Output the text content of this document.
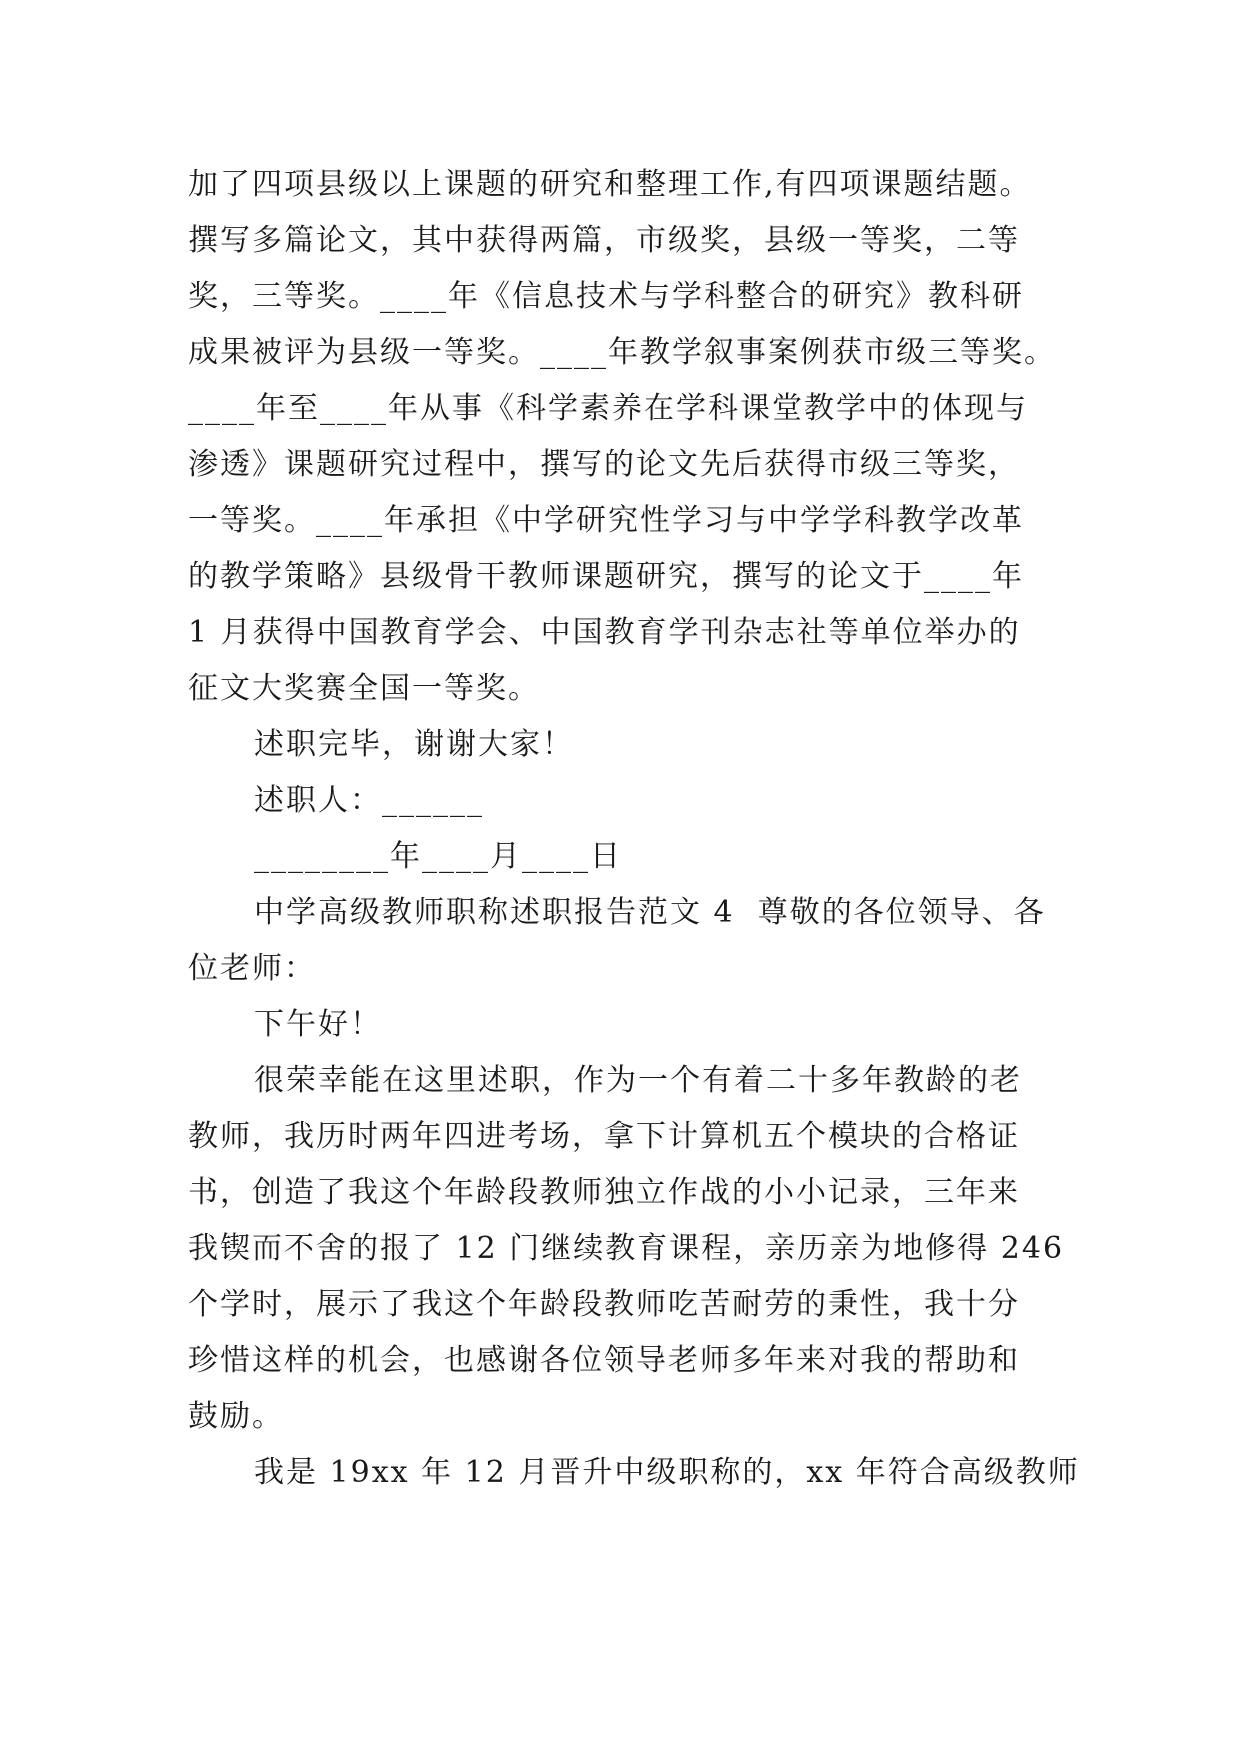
加了四项县级以上课题的研究和整理工作,有四项课题结题。
撰写多篇论文，其中获得两篇，市级奖，县级一等奖，二等
奖，三等奖。____年《信息技术与学科整合的研究》教科研
成果被评为县级一等奖。____年教学叙事案例获市级三等奖。
____年至____年从事《科学素养在学科课堂教学中的体现与
渗透》课题研究过程中，撰写的论文先后获得市级三等奖，
一等奖。____年承担《中学研究性学习与中学学科教学改革
的教学策略》县级骨干教师课题研究，撰写的论文于____年
1 月获得中国教育学会、中国教育学刊杂志社等单位举办的
征文大奖赛全国一等奖。
述职完毕，谢谢大家！
述职人：______
________年____月____日
中学高级教师职称述职报告范文 4  尊敬的各位领导、各
位老师：
下午好！
很荣幸能在这里述职，作为一个有着二十多年教龄的老
教师，我历时两年四进考场，拿下计算机五个模块的合格证
书，创造了我这个年龄段教师独立作战的小小记录，三年来
我锲而不舍的报了 12 门继续教育课程，亲历亲为地修得 246
个学时，展示了我这个年龄段教师吃苦耐劳的秉性，我十分
珍惜这样的机会，也感谢各位领导老师多年来对我的帮助和
鼓励。
我是 19xx 年 12 月晋升中级职称的，xx 年符合高级教师
